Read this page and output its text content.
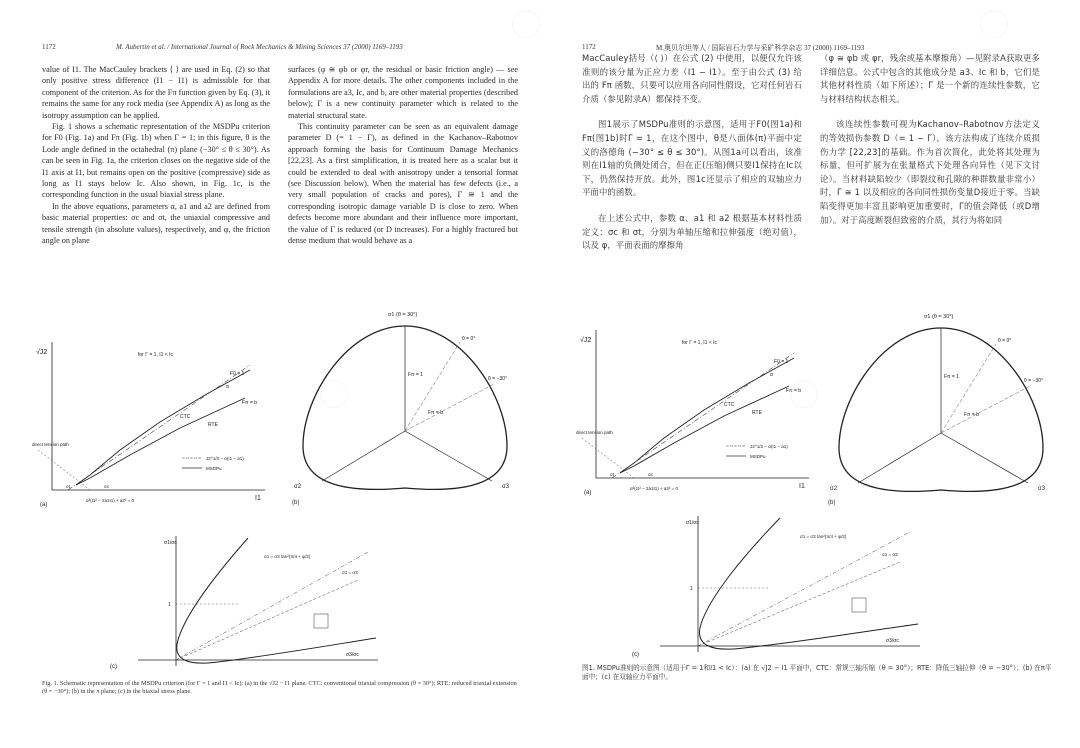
1172	M. Aubertin et al. / International Journal of Rock Mechanics & Mining Sciences 37 (2000) 1169–1193

value of I1. The MacCauley brackets ⟨ ⟩ are used in Eq. (2) so that only positive stress difference (I1 − I1) is admissible for that component of the criterion. As for the Fπ function given by Eq. (3), it remains the same for any rock media (see Appendix A) as long as the isotropy assumption can be applied.

Fig. 1 shows a schematic representation of the MSDPu criterion for F0 (Fig. 1a) and Fπ (Fig. 1b) when Γ = 1; in this figure, θ is the Lode angle defined in the octahedral (π) plane (−30° ≤ θ ≤ 30°). As can be seen in Fig. 1a, the criterion closes on the negative side of the I1 axis at I1, but remains open on the positive (compressive) side as long as I1 stays below Ic. Also shown, in Fig. 1c, is the corresponding function in the usual biaxial stress plane.

In the above equations, parameters α, a1 and a2 are defined from basic material properties: σc and σt, the uniaxial compressive and tensile strength (in absolute values), respectively, and φ, the friction angle on plane

surfaces (φ ≅ φb or φr, the residual or basic friction angle) — see Appendix A for more details. The other components included in the formulations are a3, Ic, and b, are other material properties (described below); Γ is a new continuity parameter which is related to the material structural state.

This continuity parameter can be seen as an equivalent damage parameter D (= 1 − Γ), as defined in the Kachanov–Rabotnov approach forming the basis for Continuum Damage Mechanics [22,23]. As a first simplification, it is treated here as a scalar but it could be extended to deal with anisotropy under a tensorial format (see Discussion below). When the material has few defects (i.e., a very small population of cracks and pores), Γ ≅ 1 and the corresponding isotropic damage variable D is close to zero. When defects become more abundant and their influence more important, the value of Γ is reduced (or D increases). For a highly fractured but dense medium that would behave as a

√J2
I1
for Γ = 1, I1 < Ic
F0 = 1
α
CTC
RTE
Fπ = b
direct tension path
J2^1/2 − α(I1 − a1)
MSDPu
σt	σc
α²(I1² − 2a1I1) + a2² = 0
(a)
σ1 (θ = 30°)
θ = 0°
θ = −30°
Fπ = 1
Fπ = b
σ2	σ3
(b)
σ1/σc
σ3/σc
σ1 = σ3 tan²(π/4 + φ/2)
σ1 = σ3
1
(c)
Fig. 1. Schematic representation of the MSDPu criterion (for Γ = 1 and I1 < Ic): (a) in the √J2 − I1 plane. CTC: conventional triaxial compression (θ = 30°); RTE: reduced triaxial extension (θ = −30°); (b) in the π plane; (c) in the biaxial stress plane.
1172	M.奥贝尔坦等人 / 国际岩石力学与采矿科学杂志 37 (2000) 1169–1193

MacCauley括号（⟨ ⟩）在公式 (2) 中使用，以便仅允许该准则的该分量为正应力差（I1 − I1）。至于由公式 (3) 给出的 Fπ 函数，只要可以应用各向同性假设，它对任何岩石介质（参见附录A）都保持不变。

图1展示了MSDPu准则的示意图，适用于F0(图1a)和Fπ(图1b)时Γ = 1，在这个图中，θ是八面体(π)平面中定义的洛德角 (−30° ≤ θ ≤ 30°)。从图1a可以看出，该准则在I1轴的负侧处闭合，但在正(压缩)侧只要I1保持在Ic以下，仍然保持开放。此外，图1c还显示了相应的双轴应力平面中的函数。

在上述公式中，参数 α、a1 和 a2 根据基本材料性质定义：σc 和 σt，分别为单轴压缩和拉伸强度（绝对值），以及 φ，平面表面的摩擦角

（φ ≅ φb 或 φr，残余或基本摩擦角）—见附录A获取更多详细信息。公式中包含的其他成分是 a3、Ic 和 b，它们是其他材料性质（如下所述）；Γ 是一个新的连续性参数，它与材料结构状态相关。

该连续性参数可视为Kachanov–Rabotnov方法定义的等效损伤参数 D（= 1 − Γ），该方法构成了连续介质损伤力学 [22,23]的基础。作为首次简化，此处将其处理为标量，但可扩展为在张量格式下处理各向异性（见下文讨论）。当材料缺陷较少（即裂纹和孔隙的种群数量非常小）时，Γ ≅ 1 以及相应的各向同性损伤变量D接近于零。当缺陷变得更加丰富且影响更加重要时，Γ的值会降低（或D增加）。对于高度断裂但致密的介质，其行为将如同

√J2
I1
for Γ = 1, I1 < Ic
F0 = 1
α
CTC
RTE
Fπ = b
direct tension path
J2^1/2 − α(I1 − a1)
MSDPu
σt	σc
α²(I1² − 2a1I1) + a2² = 0
(a)
σ1 (θ = 30°)
θ = 0°
θ = −30°
Fπ = 1
Fπ = b
σ2	σ3
(b)
σ1/σc
σ3/σc
σ1 = σ3 tan²(π/4 + φ/2)
σ1 = σ3
1
(c)
图1. MSDPu准则的示意图（适用于Γ = 1和I1 < Ic）：(a) 在 √J2 − I1 平面中，CTC：常规三轴压缩（θ = 30°）；RTE：降低三轴拉伸（θ = −30°）；(b) 在π平面中；(c) 在双轴应力平面中。
